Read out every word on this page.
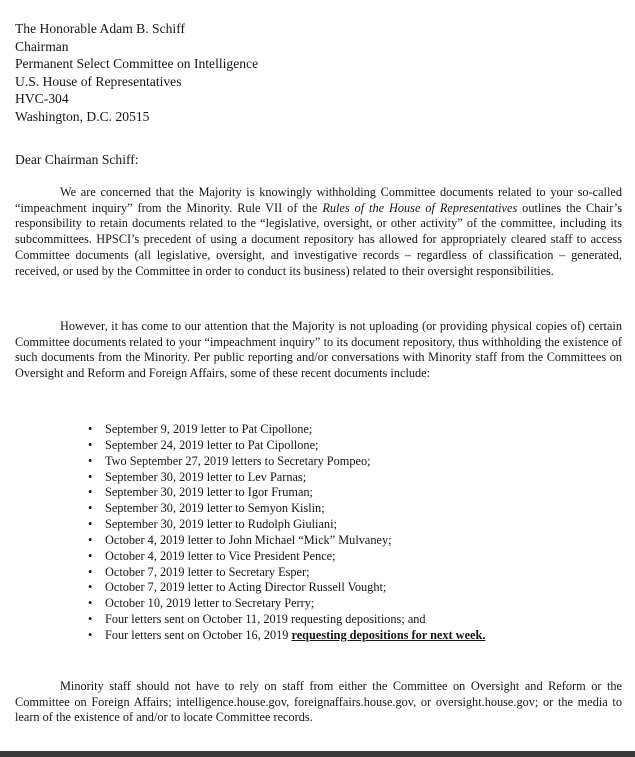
The Honorable Adam B. Schiff
Chairman
Permanent Select Committee on Intelligence
U.S. House of Representatives
HVC-304
Washington, D.C. 20515
Dear Chairman Schiff:

We are concerned that the Majority is knowingly withholding Committee documents related to your so-called “impeachment inquiry” from the Minority. Rule VII of the Rules of the House of Representatives outlines the Chair’s responsibility to retain documents related to the “legislative, oversight, or other activity” of the committee, including its subcommittees. HPSCI’s precedent of using a document repository has allowed for appropriately cleared staff to access Committee documents (all legislative, oversight, and investigative records – regardless of classification – generated, received, or used by the Committee in order to conduct its business) related to their oversight responsibilities.

However, it has come to our attention that the Majority is not uploading (or providing physical copies of) certain Committee documents related to your “impeachment inquiry” to its document repository, thus withholding the existence of such documents from the Minority. Per public reporting and/or conversations with Minority staff from the Committees on Oversight and Reform and Foreign Affairs, some of these recent documents include:

• September 9, 2019 letter to Pat Cipollone;
• September 24, 2019 letter to Pat Cipollone;
• Two September 27, 2019 letters to Secretary Pompeo;
• September 30, 2019 letter to Lev Parnas;
• September 30, 2019 letter to Igor Fruman;
• September 30, 2019 letter to Semyon Kislin;
• September 30, 2019 letter to Rudolph Giuliani;
• October 4, 2019 letter to John Michael “Mick” Mulvaney;
• October 4, 2019 letter to Vice President Pence;
• October 7, 2019 letter to Secretary Esper;
• October 7, 2019 letter to Acting Director Russell Vought;
• October 10, 2019 letter to Secretary Perry;
• Four letters sent on October 11, 2019 requesting depositions; and
• Four letters sent on October 16, 2019 requesting depositions for next week.

Minority staff should not have to rely on staff from either the Committee on Oversight and Reform or the Committee on Foreign Affairs; intelligence.house.gov, foreignaffairs.house.gov, or oversight.house.gov; or the media to learn of the existence of and/or to locate Committee records.
